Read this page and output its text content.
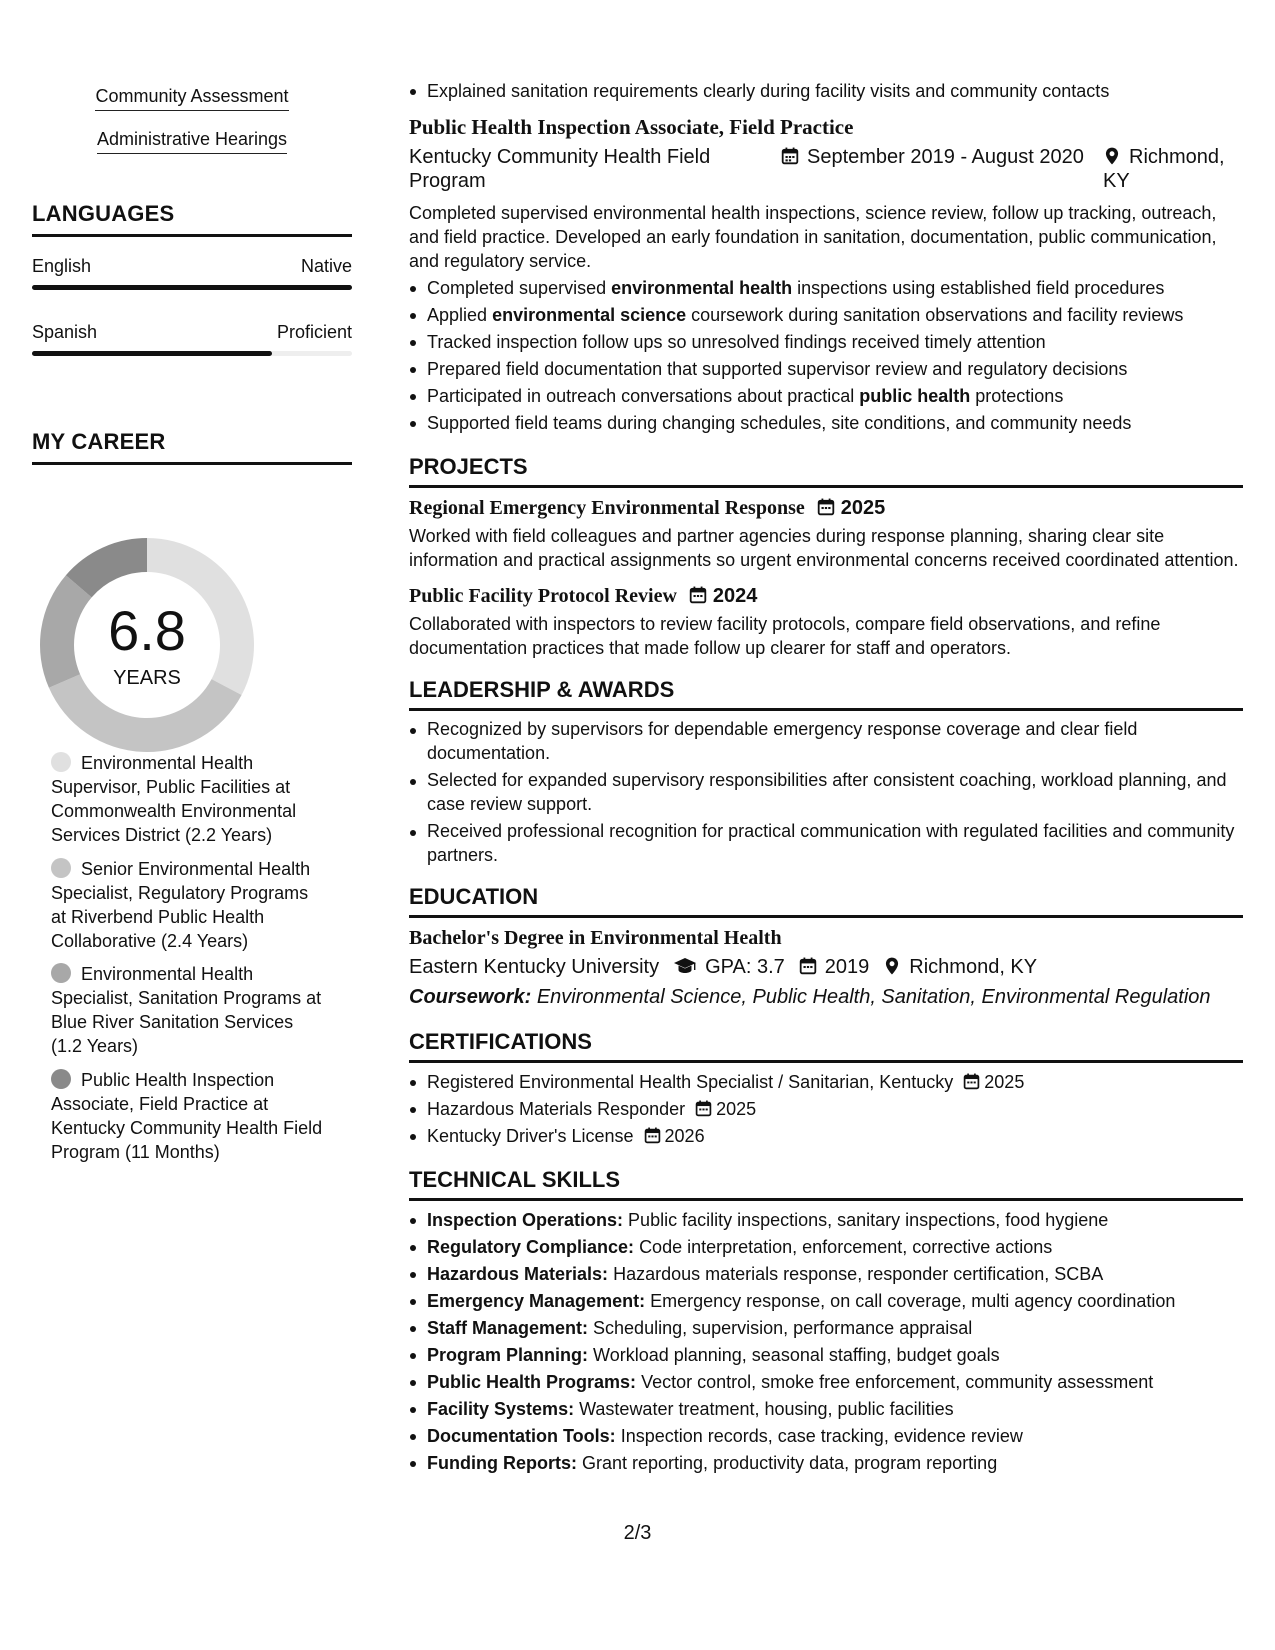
Community Assessment
Administrative Hearings
LANGUAGES
English	Native
Spanish	Proficient
MY CAREER
6.8
YEARS
Environmental Health Supervisor, Public Facilities at Commonwealth Environmental Services District (2.2 Years)
Senior Environmental Health Specialist, Regulatory Programs at Riverbend Public Health Collaborative (2.4 Years)
Environmental Health Specialist, Sanitation Programs at Blue River Sanitation Services (1.2 Years)
Public Health Inspection Associate, Field Practice at Kentucky Community Health Field Program (11 Months)
Explained sanitation requirements clearly during facility visits and community contacts
Public Health Inspection Associate, Field Practice
Kentucky Community Health Field Program
September 2019 - August 2020	Richmond, KY
Completed supervised environmental health inspections, science review, follow up tracking, outreach, and field practice. Developed an early foundation in sanitation, documentation, public communication, and regulatory service.
Completed supervised environmental health inspections using established field procedures
Applied environmental science coursework during sanitation observations and facility reviews
Tracked inspection follow ups so unresolved findings received timely attention
Prepared field documentation that supported supervisor review and regulatory decisions
Participated in outreach conversations about practical public health protections
Supported field teams during changing schedules, site conditions, and community needs
PROJECTS
Regional Emergency Environmental Response 2025
Worked with field colleagues and partner agencies during response planning, sharing clear site information and practical assignments so urgent environmental concerns received coordinated attention.
Public Facility Protocol Review 2024
Collaborated with inspectors to review facility protocols, compare field observations, and refine documentation practices that made follow up clearer for staff and operators.
LEADERSHIP & AWARDS
Recognized by supervisors for dependable emergency response coverage and clear field documentation.
Selected for expanded supervisory responsibilities after consistent coaching, workload planning, and case review support.
Received professional recognition for practical communication with regulated facilities and community partners.
EDUCATION
Bachelor's Degree in Environmental Health
Eastern Kentucky University GPA: 3.7 2019 Richmond, KY
Coursework: Environmental Science, Public Health, Sanitation, Environmental Regulation
CERTIFICATIONS
Registered Environmental Health Specialist / Sanitarian, Kentucky 2025
Hazardous Materials Responder 2025
Kentucky Driver's License 2026
TECHNICAL SKILLS
Inspection Operations: Public facility inspections, sanitary inspections, food hygiene
Regulatory Compliance: Code interpretation, enforcement, corrective actions
Hazardous Materials: Hazardous materials response, responder certification, SCBA
Emergency Management: Emergency response, on call coverage, multi agency coordination
Staff Management: Scheduling, supervision, performance appraisal
Program Planning: Workload planning, seasonal staffing, budget goals
Public Health Programs: Vector control, smoke free enforcement, community assessment
Facility Systems: Wastewater treatment, housing, public facilities
Documentation Tools: Inspection records, case tracking, evidence review
Funding Reports: Grant reporting, productivity data, program reporting
2/3
